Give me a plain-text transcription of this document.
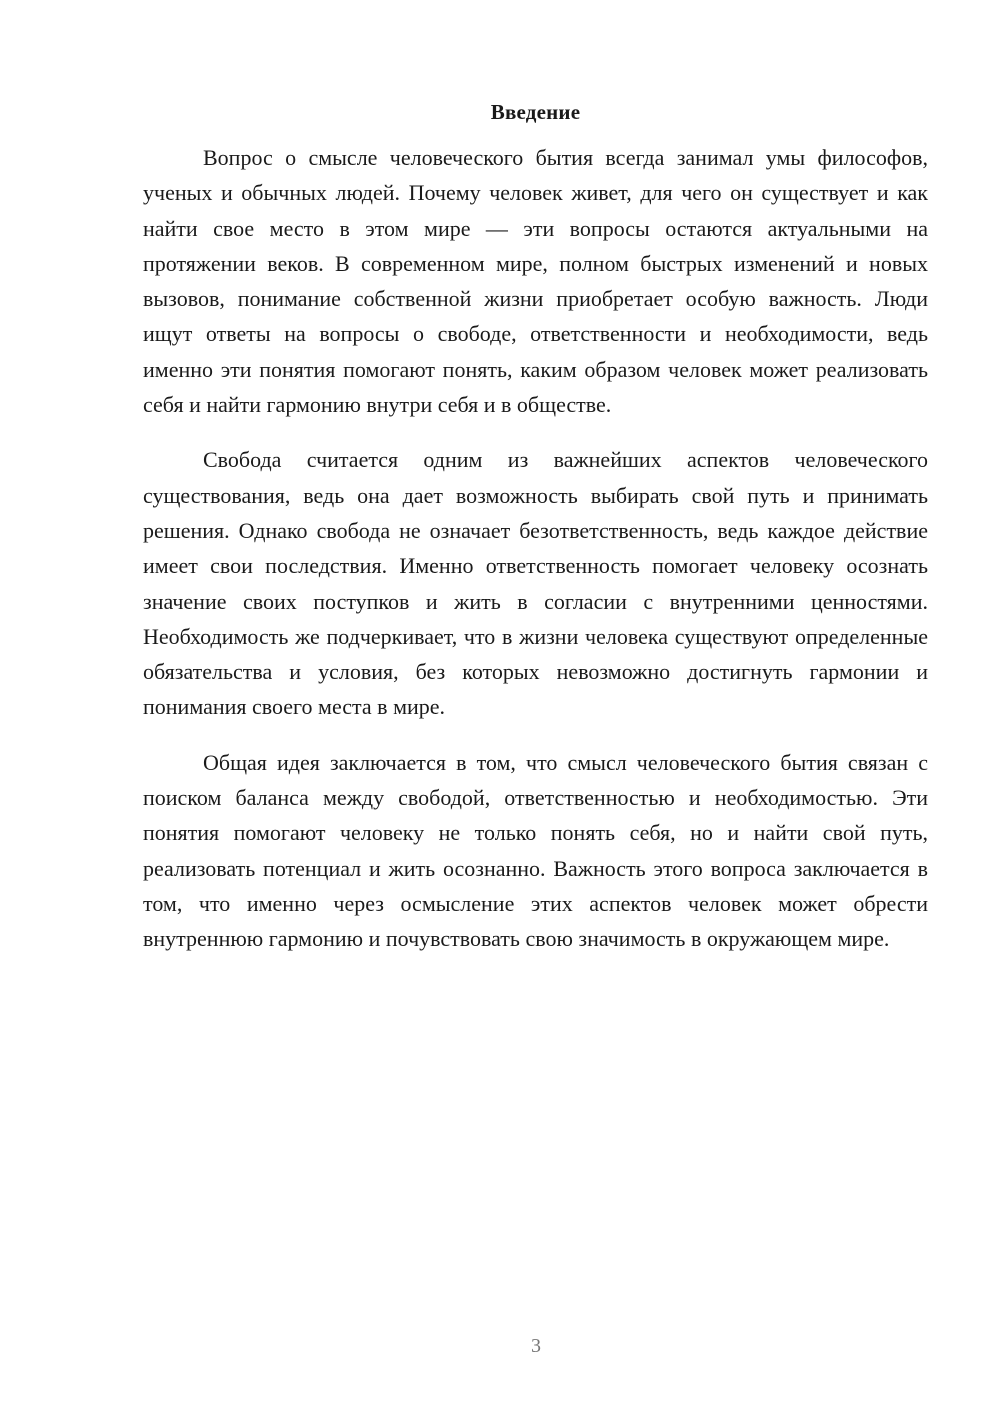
Введение

Вопрос о смысле человеческого бытия всегда занимал умы философов, ученых и обычных людей. Почему человек живет, для чего он существует и как найти свое место в этом мире — эти вопросы остаются актуальными на протяжении веков. В современном мире, полном быстрых изменений и новых вызовов, понимание собственной жизни приобретает особую важность. Люди ищут ответы на вопросы о свободе, ответственности и необходимости, ведь именно эти понятия помогают понять, каким образом человек может реализовать себя и найти гармонию внутри себя и в обществе.

Свобода считается одним из важнейших аспектов человеческого существования, ведь она дает возможность выбирать свой путь и принимать решения. Однако свобода не означает безответственность, ведь каждое действие имеет свои последствия. Именно ответственность помогает человеку осознать значение своих поступков и жить в согласии с внутренними ценностями. Необходимость же подчеркивает, что в жизни человека существуют определенные обязательства и условия, без которых невозможно достигнуть гармонии и понимания своего места в мире.

Общая идея заключается в том, что смысл человеческого бытия связан с поиском баланса между свободой, ответственностью и необходимостью. Эти понятия помогают человеку не только понять себя, но и найти свой путь, реализовать потенциал и жить осознанно. Важность этого вопроса заключается в том, что именно через осмысление этих аспектов человек может обрести внутреннюю гармонию и почувствовать свою значимость в окружающем мире.

3
